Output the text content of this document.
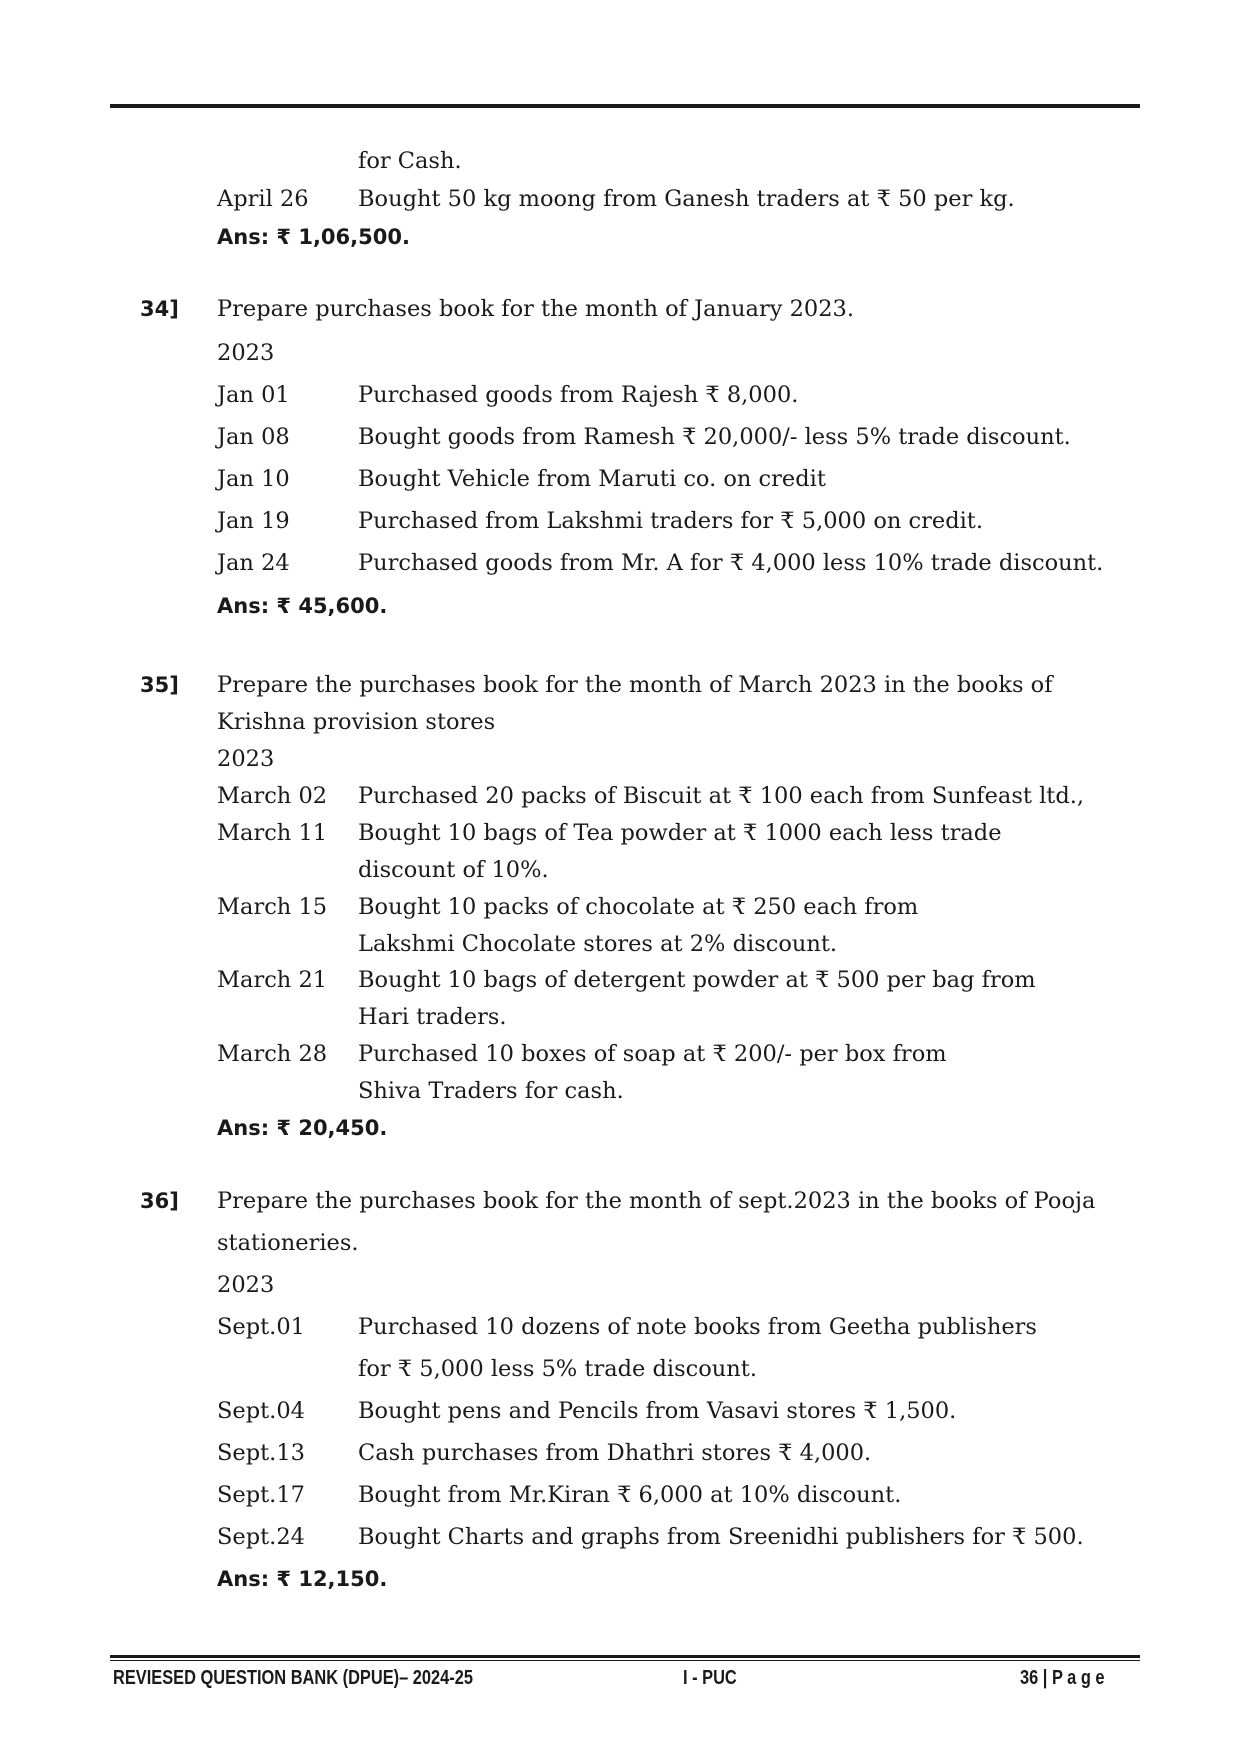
for Cash.
April 26 Bought 50 kg moong from Ganesh traders at ₹ 50 per kg.
Ans: ₹ 1,06,500.
34] Prepare purchases book for the month of January 2023.
2023
Jan 01	Purchased goods from Rajesh ₹ 8,000.
Jan 08	Bought goods from Ramesh ₹ 20,000/- less 5% trade discount.
Jan 10	Bought Vehicle from Maruti co. on credit
Jan 19	Purchased from Lakshmi traders for ₹ 5,000 on credit.
Jan 24	Purchased goods from Mr. A for ₹ 4,000 less 10% trade discount.
Ans: ₹ 45,600.
35] Prepare the purchases book for the month of March 2023 in the books of
Krishna provision stores
2023
March 02 Purchased 20 packs of Biscuit at ₹ 100 each from Sunfeast ltd.,
March 11 Bought 10 bags of Tea powder at ₹ 1000 each less trade
discount of 10%.
March 15 Bought 10 packs of chocolate at ₹ 250 each from
Lakshmi Chocolate stores at 2% discount.
March 21 Bought 10 bags of detergent powder at ₹ 500 per bag from
Hari traders.
March 28 Purchased 10 boxes of soap at ₹ 200/- per box from
Shiva Traders for cash.
Ans: ₹ 20,450.
36] Prepare the purchases book for the month of sept.2023 in the books of Pooja
stationeries.
2023
Sept.01 Purchased 10 dozens of note books from Geetha publishers
for ₹ 5,000 less 5% trade discount.
Sept.04 Bought pens and Pencils from Vasavi stores ₹ 1,500.
Sept.13 Cash purchases from Dhathri stores ₹ 4,000.
Sept.17 Bought from Mr.Kiran ₹ 6,000 at 10% discount.
Sept.24 Bought Charts and graphs from Sreenidhi publishers for ₹ 500.
Ans: ₹ 12,150.
REVIESED QUESTION BANK (DPUE)– 2024-25	I - PUC	36 | P a g e
